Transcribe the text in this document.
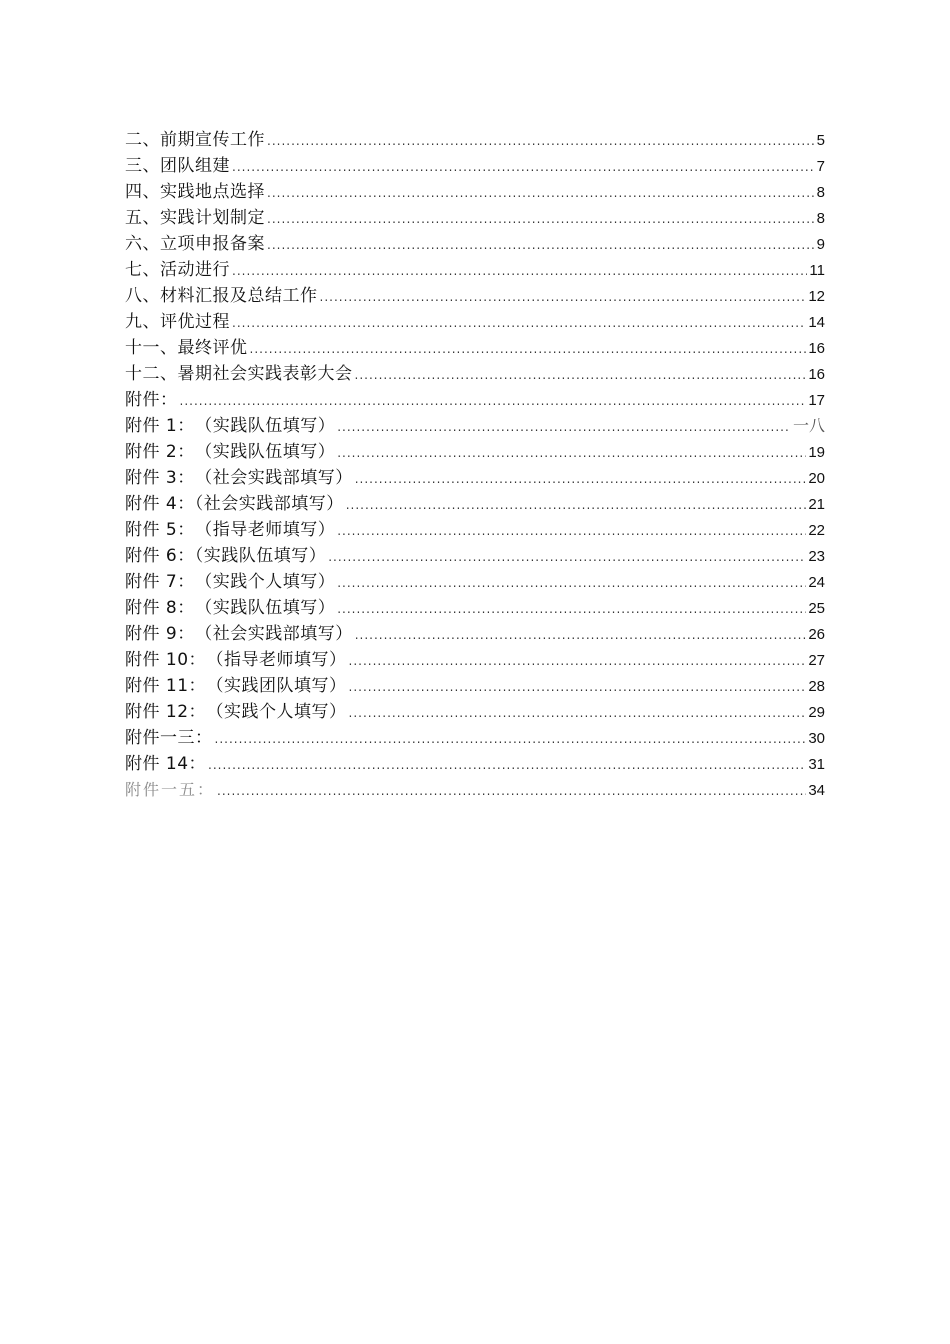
二、前期宣传工作 .....	5
三、团队组建 .....	7
四、实践地点选择 .....	8
五、实践计划制定 .....	8
六、立项申报备案 .....	9
七、活动进行 .....	11
八、材料汇报及总结工作 .....	12
九、评优过程 .....	14
十一、最终评优 .....	16
十二、暑期社会实践表彰大会 .....	16
附件： .....	17
附件 1：　（实践队伍填写） .....	一八
附件 2：　（实践队伍填写） .....	19
附件 3：　（社会实践部填写） .....	20
附件 4：（社会实践部填写） .....	21
附件 5：　（指导老师填写） .....	22
附件 6：（实践队伍填写） .....	23
附件 7：　（实践个人填写） .....	24
附件 8：　（实践队伍填写） .....	25
附件 9：　（社会实践部填写） .....	26
附件 10：　（指导老师填写） .....	27
附件 11：　（实践团队填写） .....	28
附件 12：　（实践个人填写） .....	29
附件一三： .....	30
附件 14： .....	31
附件一五： .....	34
